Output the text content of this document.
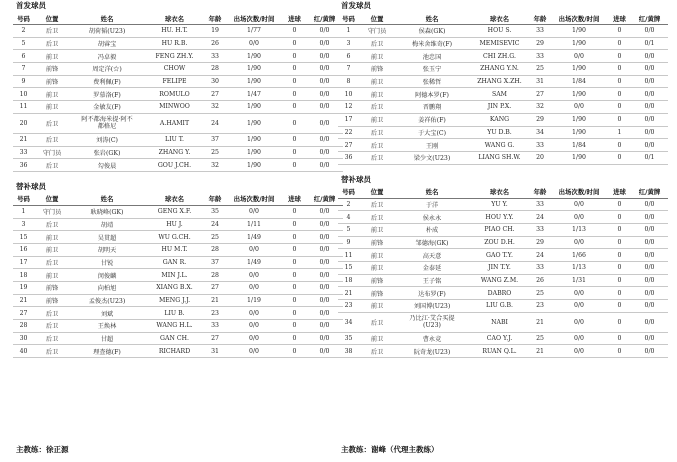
首发球员
号码	位置	姓名	球衣名	年龄	出场次数/时间	进球	红/黄牌
2	后卫	胡荷韬(U23)	HU. H.T.	19	1/77	0	0/0
5	后卫	胡睿宝	HU R.B.	26	0/0	0	0/0
6	前卫	冯卓毅	FENG ZH.Y.	33	1/90	0	0/0
7	前锋	周定洋(☆)	CHOW	28	1/90	0	0/0
9	前锋	费利佩(F)	FELIPE	30	1/90	0	0/0
10	前卫	罗慕洛(F)	ROMULO	27	1/47	0	0/0
11	前卫	金敏友(F)	MINWOO	32	1/90	0	0/0
20	后卫	阿不都海米提·阿不都格尼	A.HAMIT	24	1/90	0	0/0
21	后卫	刘涛(C)	LIU T.	37	1/90	0	0/0
33	守门员	张岩(GK)	ZHANG Y.	25	1/90	0	0/0
36	后卫	勾俊晨	GOU J.CH.	32	1/90	0	0/0
替补球员
号码	位置	姓名	球衣名	年龄	出场次数/时间	进球	红/黄牌
1	守门员	耿晓峰(GK)	GENG X.F.	35	0/0	0	0/0
3	后卫	胡靖	HU J.	24	1/11	0	0/0
15	前卫	吴贯超	WU G.CH.	25	1/49	0	0/0
16	前卫	胡明天	HU M.T.	28	0/0	0	0/0
17	后卫	甘锐	GAN R.	37	1/49	0	0/0
18	前卫	闵俊麟	MIN J.L.	28	0/0	0	0/0
19	前锋	向柏旭	XIANG B.X.	27	0/0	0	0/0
21	前锋	孟俊杰(U23)	MENG J.J.	21	1/19	0	0/0
27	后卫	刘斌	LIU B.	23	0/0	0	0/0
28	后卫	王焕林	WANG H.L.	33	0/0	0	0/0
30	后卫	甘超	GAN CH.	27	0/0	0	0/0
40	后卫	理查德(F)	RICHARD	31	0/0	0	0/0
首发球员
号码	位置	姓名	球衣名	年龄	出场次数/时间	进球	红/黄牌
1	守门员	侯森(GK)	HOU S.	33	1/90	0	0/0
3	后卫	梅米舍维奇(F)	MEMISEVIC	29	1/90	0	0/1
6	前卫	池忠国	CHI ZH.G.	33	0/0	0	0/0
7	前锋	张玉宁	ZHANG Y.N.	25	1/90	0	0/0
8	前卫	张稀哲	ZHANG X.ZH.	31	1/84	0	0/0
10	前卫	阿德本罗(F)	SAM	27	1/90	0	0/0
12	后卫	晋鹏翔	JIN P.X.	32	0/0	0	0/0
17	前卫	姜祥佑(F)	KANG	29	1/90	0	0/0
22	后卫	于大宝(C)	YU D.B.	34	1/90	1	0/0
27	后卫	王刚	WANG G.	33	1/84	0	0/0
36	后卫	梁少文(U23)	LIANG SH.W.	20	1/90	0	0/1
替补球员
号码	位置	姓名	球衣名	年龄	出场次数/时间	进球	红/黄牌
2	后卫	于洋	YU Y.	33	0/0	0	0/0
4	后卫	侯永永	HOU Y.Y.	24	0/0	0	0/0
5	前卫	朴成	PIAO CH.	33	1/13	0	0/0
9	前锋	邹德海(GK)	ZOU D.H.	29	0/0	0	0/0
11	前卫	高天意	GAO T.Y.	24	1/66	0	0/0
15	前卫	金泰延	JIN T.Y.	33	1/13	0	0/0
18	前锋	王子铭	WANG Z.M.	26	1/31	0	0/0
21	前锋	达布罗(F)	DABRO	25	0/0	0	0/0
23	前卫	刘国博(U23)	LIU G.B.	23	0/0	0	0/0
34	后卫	乃比江·艾合买提(U23)	NABI	21	0/0	0	0/0
35	前卫	曹永竞	CAO Y.J.	25	0/0	0	0/0
38	后卫	阮奇龙(U23)	RUAN Q.L.	21	0/0	0	0/0
主教练：徐正源	主教练：谢峰（代理主教练）
